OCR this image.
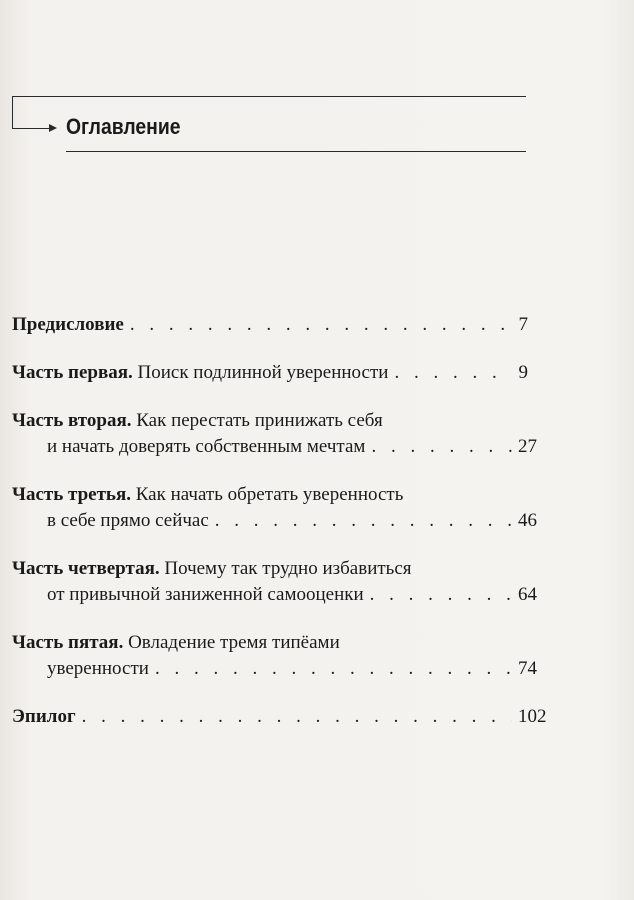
Оглавление
Предисловие . . .	7
Часть первая.
Поиск подлинной уверенности . . .	9
Часть вторая.
Как перестать принижать себя
и начать доверять собственным мечтам . . .	27
Часть третья.
Как начать обретать уверенность
в себе прямо сейчас . . .	46
Часть четвертая.
Почему так трудно избавиться
от привычной заниженной самооценки . . .	64
Часть пятая.
Овладение тремя типёами
уверенности . . .	74
Эпилог . . .	102
